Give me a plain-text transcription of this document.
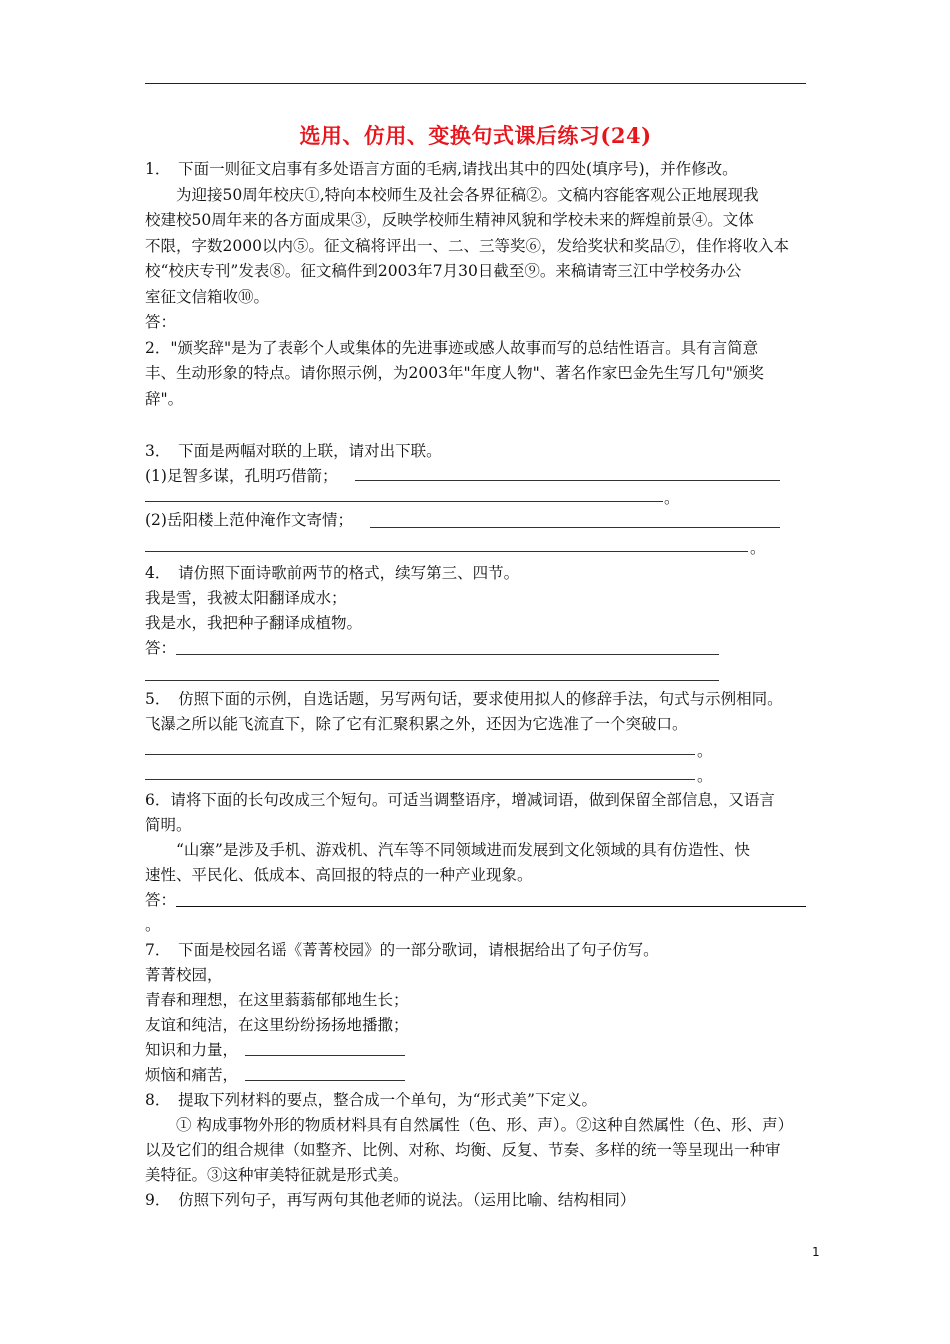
选用、仿用、变换句式课后练习(24)
1．　下面一则征文启事有多处语言方面的毛病,请找出其中的四处(填序号)，并作修改。
为迎接50周年校庆①,特向本校师生及社会各界征稿②。文稿内容能客观公正地展现我
校建校50周年来的各方面成果③，反映学校师生精神风貌和学校未来的辉煌前景④。文体
不限，字数2000以内⑤。征文稿将评出一、二、三等奖⑥，发给奖状和奖品⑦，佳作将收入本
校“校庆专刊”发表⑧。征文稿件到2003年7月30日截至⑨。来稿请寄三江中学校务办公
室征文信箱收⑩。
答：
2．"颁奖辞"是为了表彰个人或集体的先进事迹或感人故事而写的总结性语言。具有言简意
丰、生动形象的特点。请你照示例，为2003年"年度人物"、著名作家巴金先生写几句"颁奖
辞"。
3．　下面是两幅对联的上联，请对出下联。
(1)足智多谋，孔明巧借箭；
。
(2)岳阳楼上范仲淹作文寄情；
。
4．　请仿照下面诗歌前两节的格式，续写第三、四节。
我是雪，我被太阳翻译成水；
我是水，我把种子翻译成植物。
答：
5．　仿照下面的示例，自选话题，另写两句话，要求使用拟人的修辞手法，句式与示例相同。
飞瀑之所以能飞流直下，除了它有汇聚积累之外，还因为它选准了一个突破口。
。
。
6．请将下面的长句改成三个短句。可适当调整语序，增减词语，做到保留全部信息，又语言
简明。
“山寨”是涉及手机、游戏机、汽车等不同领域进而发展到文化领域的具有仿造性、快
速性、平民化、低成本、高回报的特点的一种产业现象。
答：
。
7．　下面是校园名谣《菁菁校园》的一部分歌词，请根据给出了句子仿写。
菁菁校园，
青春和理想，在这里蓊蓊郁郁地生长；
友谊和纯洁，在这里纷纷扬扬地播撒；
知识和力量，
烦恼和痛苦，
8．　提取下列材料的要点，整合成一个单句，为“形式美”下定义。
① 构成事物外形的物质材料具有自然属性（色、形、声）。②这种自然属性（色、形、声）
以及它们的组合规律（如整齐、比例、对称、均衡、反复、节奏、多样的统一等呈现出一种审
美特征。③这种审美特征就是形式美。
9．　仿照下列句子，再写两句其他老师的说法。（运用比喻、结构相同）
1
